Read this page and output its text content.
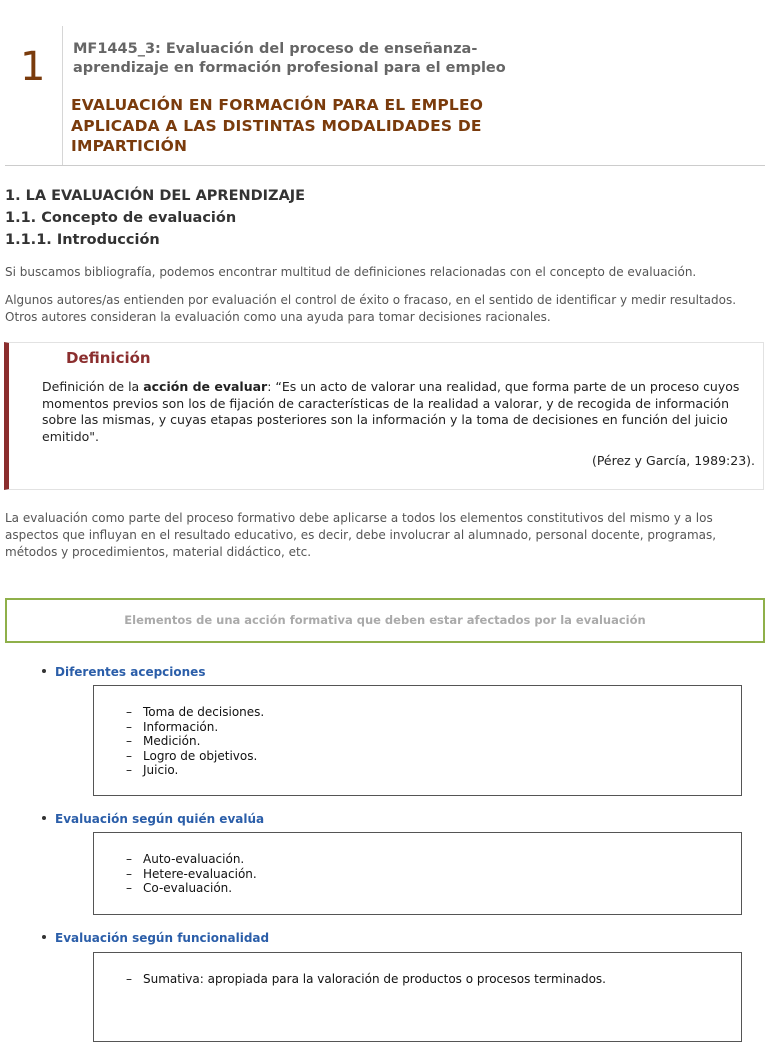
1 MF1445_3: Evaluación del proceso de enseñanza-aprendizaje en formación profesional para el empleo
EVALUACIÓN EN FORMACIÓN PARA EL EMPLEO APLICADA A LAS DISTINTAS MODALIDADES DE IMPARTICIÓN
1. LA EVALUACIÓN DEL APRENDIZAJE
1.1. Concepto de evaluación
1.1.1. Introducción
Si buscamos bibliografía, podemos encontrar multitud de definiciones relacionadas con el concepto de evaluación.
Algunos autores/as entienden por evaluación el control de éxito o fracaso, en el sentido de identificar y medir resultados. Otros autores consideran la evaluación como una ayuda para tomar decisiones racionales.
Definición
Definición de la acción de evaluar: “Es un acto de valorar una realidad, que forma parte de un proceso cuyos momentos previos son los de fijación de características de la realidad a valorar, y de recogida de información sobre las mismas, y cuyas etapas posteriores son la información y la toma de decisiones en función del juicio emitido".
(Pérez y García, 1989:23).
La evaluación como parte del proceso formativo debe aplicarse a todos los elementos constitutivos del mismo y a los aspectos que influyan en el resultado educativo, es decir, debe involucrar al alumnado, personal docente, programas, métodos y procedimientos, material didáctico, etc.
Elementos de una acción formativa que deben estar afectados por la evaluación
Diferentes acepciones
– Toma de decisiones.
– Información.
– Medición.
– Logro de objetivos.
– Juicio.
Evaluación según quién evalúa
– Auto-evaluación.
– Hetere-evaluación.
– Co-evaluación.
Evaluación según funcionalidad
– Sumativa: apropiada para la valoración de productos o procesos terminados.
